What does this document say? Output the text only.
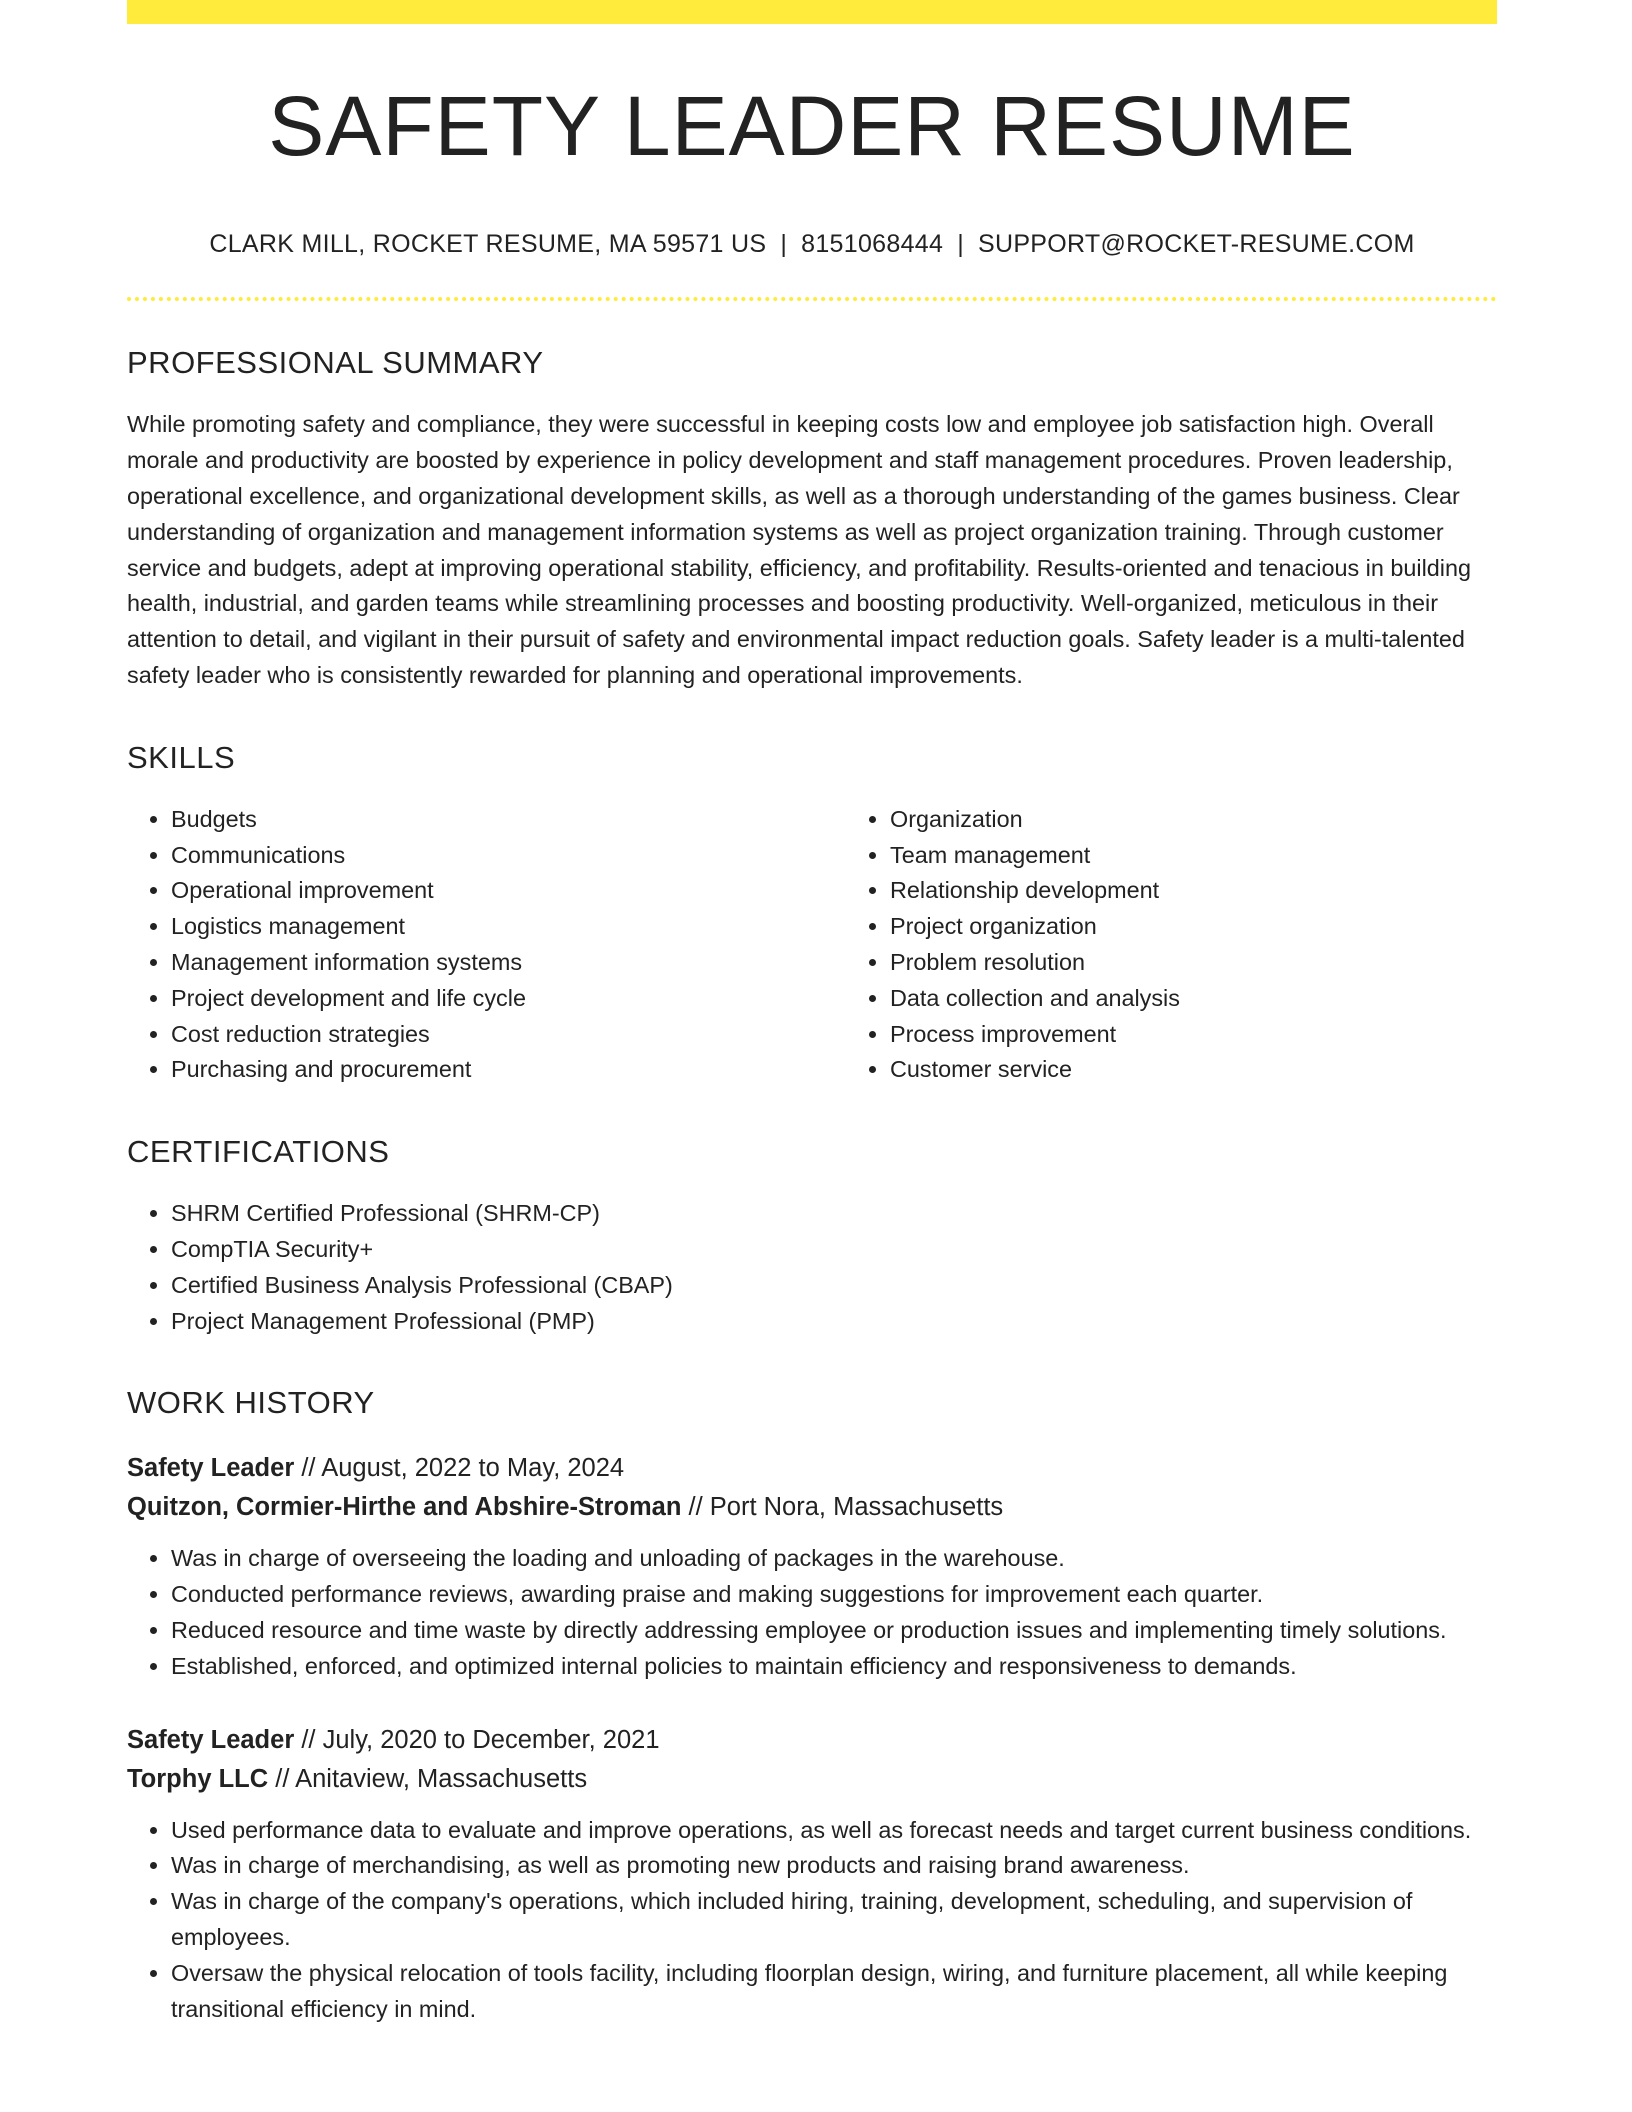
SAFETY LEADER RESUME
CLARK MILL, ROCKET RESUME, MA 59571 US | 8151068444 | SUPPORT@ROCKET-RESUME.COM
PROFESSIONAL SUMMARY
While promoting safety and compliance, they were successful in keeping costs low and employee job satisfaction high. Overall morale and productivity are boosted by experience in policy development and staff management procedures. Proven leadership, operational excellence, and organizational development skills, as well as a thorough understanding of the games business. Clear understanding of organization and management information systems as well as project organization training. Through customer service and budgets, adept at improving operational stability, efficiency, and profitability. Results-oriented and tenacious in building health, industrial, and garden teams while streamlining processes and boosting productivity. Well-organized, meticulous in their attention to detail, and vigilant in their pursuit of safety and environmental impact reduction goals. Safety leader is a multi-talented safety leader who is consistently rewarded for planning and operational improvements.
SKILLS
• Budgets
• Communications
• Operational improvement
• Logistics management
• Management information systems
• Project development and life cycle
• Cost reduction strategies
• Purchasing and procurement
• Organization
• Team management
• Relationship development
• Project organization
• Problem resolution
• Data collection and analysis
• Process improvement
• Customer service
CERTIFICATIONS
• SHRM Certified Professional (SHRM-CP)
• CompTIA Security+
• Certified Business Analysis Professional (CBAP)
• Project Management Professional (PMP)
WORK HISTORY
Safety Leader // August, 2022 to May, 2024
Quitzon, Cormier-Hirthe and Abshire-Stroman // Port Nora, Massachusetts
• Was in charge of overseeing the loading and unloading of packages in the warehouse.
• Conducted performance reviews, awarding praise and making suggestions for improvement each quarter.
• Reduced resource and time waste by directly addressing employee or production issues and implementing timely solutions.
• Established, enforced, and optimized internal policies to maintain efficiency and responsiveness to demands.
Safety Leader // July, 2020 to December, 2021
Torphy LLC // Anitaview, Massachusetts
• Used performance data to evaluate and improve operations, as well as forecast needs and target current business conditions.
• Was in charge of merchandising, as well as promoting new products and raising brand awareness.
• Was in charge of the company's operations, which included hiring, training, development, scheduling, and supervision of employees.
• Oversaw the physical relocation of tools facility, including floorplan design, wiring, and furniture placement, all while keeping transitional efficiency in mind.
